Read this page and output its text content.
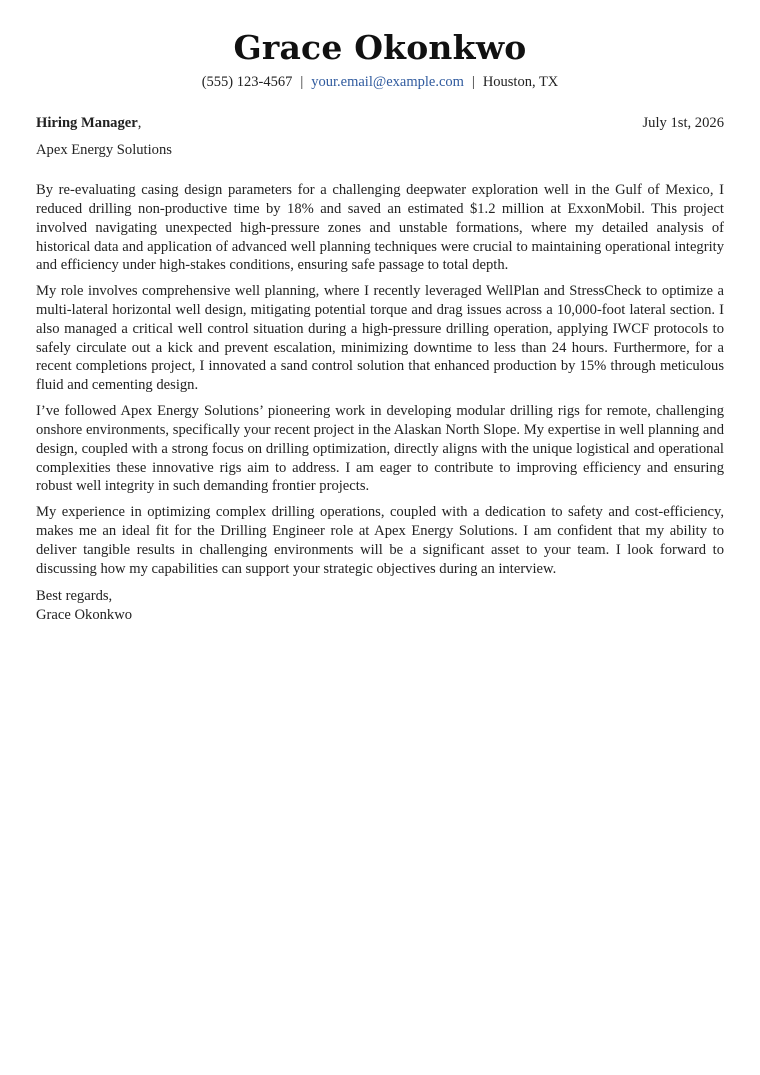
Grace Okonkwo
(555) 123-4567 | your.email@example.com | Houston, TX
Hiring Manager,	July 1st, 2026
Apex Energy Solutions

By re-evaluating casing design parameters for a challenging deepwater exploration well in the Gulf of Mexico, I reduced drilling non-productive time by 18% and saved an estimated $1.2 million at ExxonMobil. This project involved navigating unexpected high-pressure zones and unstable formations, where my detailed analysis of historical data and application of advanced well planning techniques were crucial to maintaining operational integrity and efficiency under high-stakes conditions, ensuring safe passage to total depth.

My role involves comprehensive well planning, where I recently leveraged WellPlan and StressCheck to optimize a multi-lateral horizontal well design, mitigating potential torque and drag issues across a 10,000-foot lateral section. I also managed a critical well control situation during a high-pressure drilling operation, applying IWCF protocols to safely circulate out a kick and prevent escalation, minimizing downtime to less than 24 hours. Furthermore, for a recent completions project, I innovated a sand control solution that enhanced production by 15% through meticulous fluid and cementing design.

I’ve followed Apex Energy Solutions’ pioneering work in developing modular drilling rigs for remote, challenging onshore environments, specifically your recent project in the Alaskan North Slope. My expertise in well planning and design, coupled with a strong focus on drilling optimization, directly aligns with the unique logistical and operational complexities these innovative rigs aim to address. I am eager to contribute to improving efficiency and ensuring robust well integrity in such demanding frontier projects.

My experience in optimizing complex drilling operations, coupled with a dedication to safety and cost-efficiency, makes me an ideal fit for the Drilling Engineer role at Apex Energy Solutions. I am confident that my ability to deliver tangible results in challenging environments will be a significant asset to your team. I look forward to discussing how my capabilities can support your strategic objectives during an interview.

Best regards,
Grace Okonkwo
